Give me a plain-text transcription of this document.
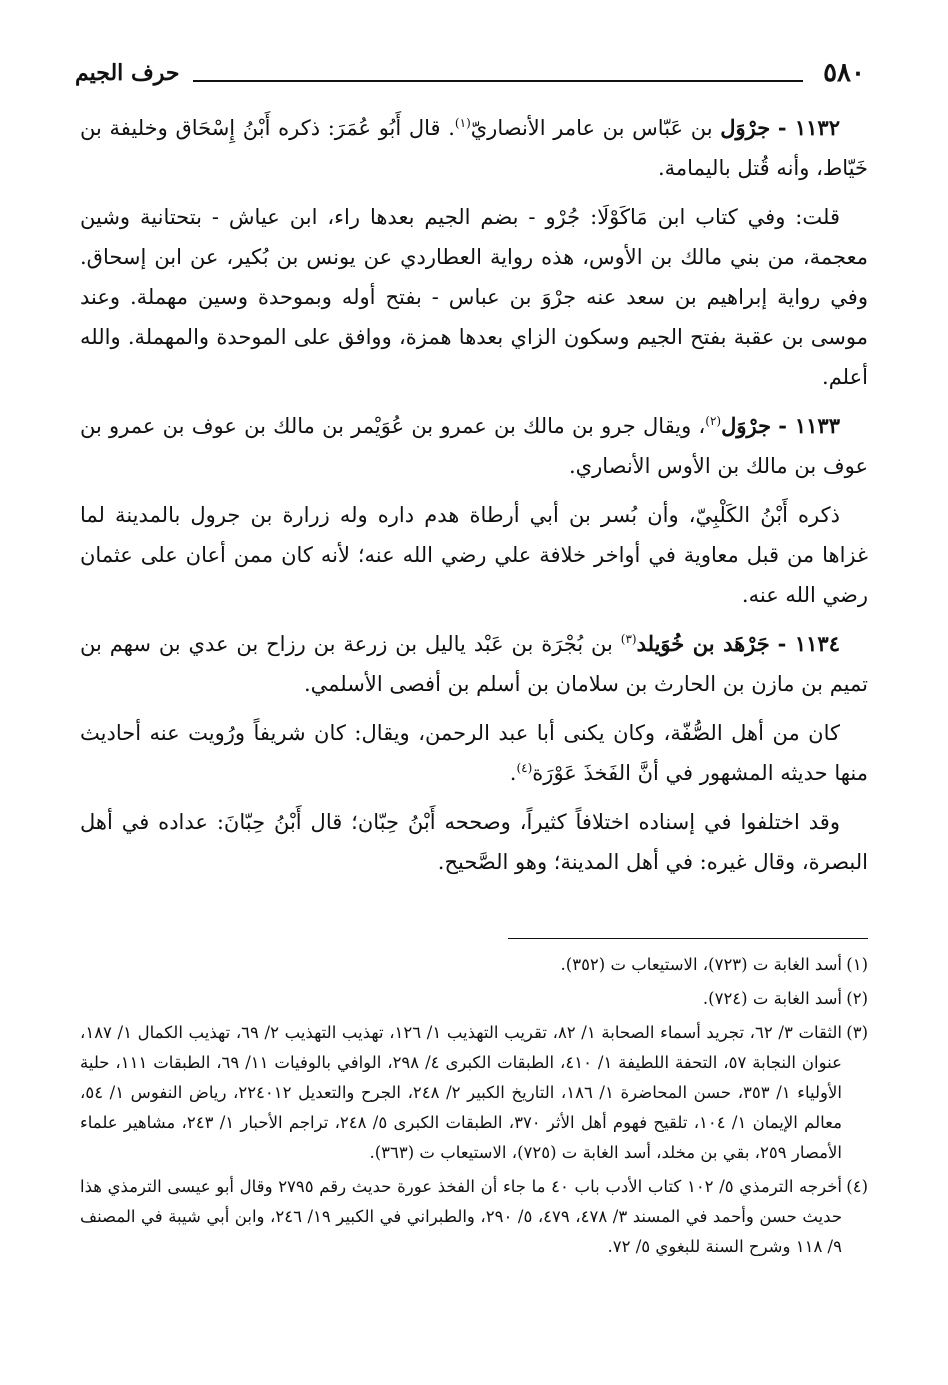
٥٨٠
حرف الجيم

١١٣٢ - جرْوَل بن عَبّاس بن عامر الأنصاريّ$^{(١)}$. قال أَبُو عُمَرَ: ذكره أَبْنُ إِسْحَاق وخليفة بن خَيّاط، وأنه قُتل باليمامة.

قلت: وفي كتاب ابن مَاكَوْلَا: جُرْو - بضم الجيم بعدها راء، ابن عياش - بتحتانية وشين معجمة، من بني مالك بن الأوس، هذه رواية العطاردي عن يونس بن بُكير، عن ابن إسحاق. وفي رواية إبراهيم بن سعد عنه جرْوَ بن عباس - بفتح أوله وبموحدة وسين مهملة. وعند موسى بن عقبة بفتح الجيم وسكون الزاي بعدها همزة، ووافق على الموحدة والمهملة. والله أعلم.

١١٣٣ - جرْوَل$^{(٢)}$، ويقال جرو بن مالك بن عمرو بن عُوَيْمر بن مالك بن عوف بن عمرو بن عوف بن مالك بن الأوس الأنصاري.

ذكره أَبْنُ الكَلْبِيّ، وأن بُسر بن أبي أرطاة هدم داره وله زرارة بن جرول بالمدينة لما غزاها من قبل معاوية في أواخر خلافة علي رضي الله عنه؛ لأنه كان ممن أعان على عثمان رضي الله عنه.

١١٣٤ - جَرْهَد بن خُوَيلد$^{(٣)}$ بن بُجْرَة بن عَبْد ياليل بن زرعة بن رزاح بن عدي بن سهم بن تميم بن مازن بن الحارث بن سلامان بن أسلم بن أفصى الأسلمي.

كان من أهل الصُّفّة، وكان يكنى أبا عبد الرحمن، ويقال: كان شريفاً ورُويت عنه أحاديث منها حديثه المشهور في أنَّ الفَخذَ عَوْرَة$^{(٤)}$.

وقد اختلفوا في إسناده اختلافاً كثيراً، وصححه أَبْنُ حِبّان؛ قال أَبْنُ حِبّانَ: عداده في أهل البصرة، وقال غيره: في أهل المدينة؛ وهو الصَّحيح.

(١)
أسد الغابة ت (٧٢٣)، الاستيعاب ت (٣٥٢).

(٢)
أسد الغابة ت (٧٢٤).

(٣)
الثقات ٣/ ٦٢، تجريد أسماء الصحابة ١/ ٨٢، تقريب التهذيب ١/ ١٢٦، تهذيب التهذيب ٢/ ٦٩، تهذيب الكمال ١/ ١٨٧، عنوان النجابة ٥٧، التحفة اللطيفة ١/ ٤١٠، الطبقات الكبرى ٤/ ٢٩٨، الوافي بالوفيات ١١/ ٦٩، الطبقات ١١١، حلية الأولياء ١/ ٣٥٣، حسن المحاضرة ١/ ١٨٦، التاريخ الكبير ٢/ ٢٤٨، الجرح والتعديل ٢٢٤٠١٢، رياض النفوس ١/ ٥٤، معالم الإيمان ١/ ١٠٤، تلقيح فهوم أهل الأثر ٣٧٠، الطبقات الكبرى ٥/ ٢٤٨، تراجم الأحبار ١/ ٢٤٣، مشاهير علماء الأمصار ٢٥٩، بقي بن مخلد، أسد الغابة ت (٧٢٥)، الاستيعاب ت (٣٦٣).

(٤)
أخرجه الترمذي ٥/ ١٠٢ كتاب الأدب باب ٤٠ ما جاء أن الفخذ عورة حديث رقم ٢٧٩٥ وقال أبو عيسى الترمذي هذا حديث حسن وأحمد في المسند ٣/ ٤٧٨، ٤٧٩، ٥/ ٢٩٠، والطبراني في الكبير ١٩/ ٢٤٦، وابن أبي شيبة في المصنف ٩/ ١١٨ وشرح السنة للبغوي ٥/ ٧٢.
